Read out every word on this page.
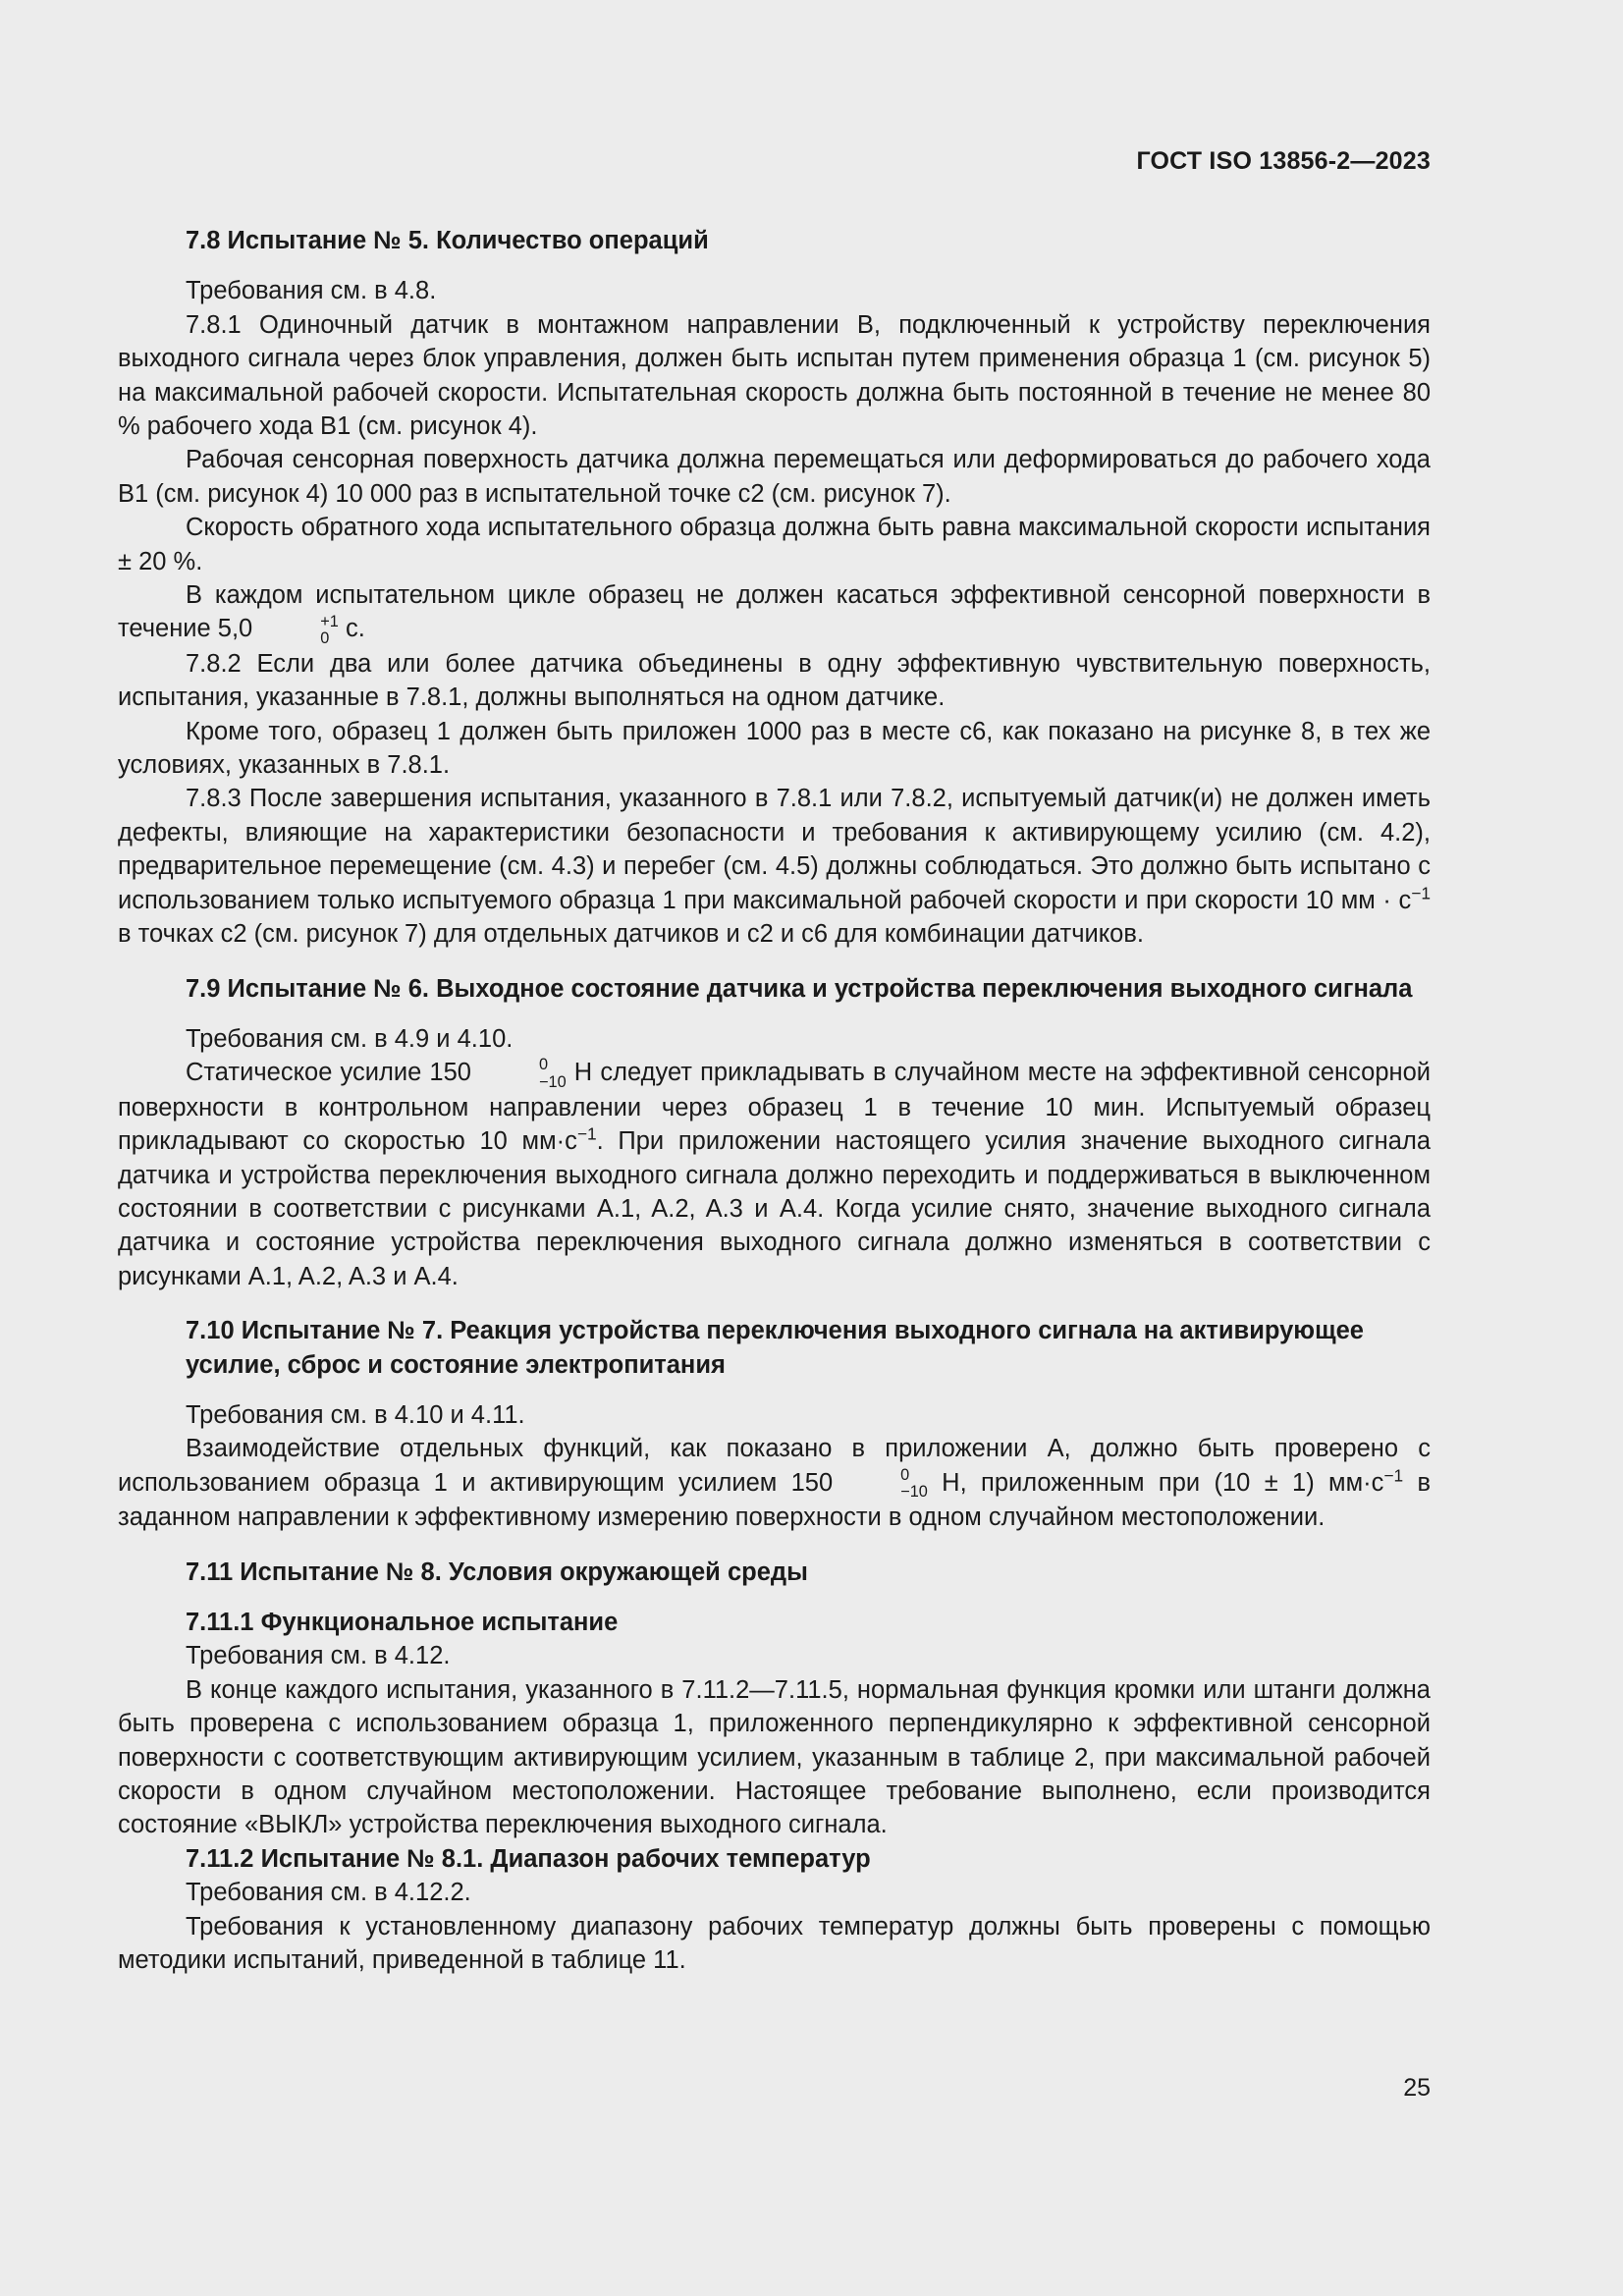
ГОСТ ISO 13856-2—2023
7.8 Испытание № 5. Количество операций

Требования см. в 4.8.

7.8.1 Одиночный датчик в монтажном направлении B, подключенный к устройству переключения выходного сигнала через блок управления, должен быть испытан путем применения образца 1 (см. рисунок 5) на максимальной рабочей скорости. Испытательная скорость должна быть постоянной в течение не менее 80 % рабочего хода B1 (см. рисунок 4).

Рабочая сенсорная поверхность датчика должна перемещаться или деформироваться до рабочего хода B1 (см. рисунок 4) 10 000 раз в испытательной точке c2 (см. рисунок 7).

Скорость обратного хода испытательного образца должна быть равна максимальной скорости испытания ± 20 %.

В каждом испытательном цикле образец не должен касаться эффективной сенсорной поверхности в течение 5,0	+1
0 с.

7.8.2 Если два или более датчика объединены в одну эффективную чувствительную поверхность, испытания, указанные в 7.8.1, должны выполняться на одном датчике.

Кроме того, образец 1 должен быть приложен 1000 раз в месте c6, как показано на рисунке 8, в тех же условиях, указанных в 7.8.1.

7.8.3 После завершения испытания, указанного в 7.8.1 или 7.8.2, испытуемый датчик(и) не должен иметь дефекты, влияющие на характеристики безопасности и требования к активирующему усилию (см. 4.2), предварительное перемещение (см. 4.3) и перебег (см. 4.5) должны соблюдаться. Это должно быть испытано с использованием только испытуемого образца 1 при максимальной рабочей скорости и при скорости 10 мм · $с^{-1}$ в точках c2 (см. рисунок 7) для отдельных датчиков и c2 и c6 для комбинации датчиков.

7.9 Испытание № 6. Выходное состояние датчика и устройства переключения выходного сигнала

Требования см. в 4.9 и 4.10.

Статическое усилие 150	0
−10 Н следует прикладывать в случайном месте на эффективной сенсорной поверхности в контрольном направлении через образец 1 в течение 10 мин. Испытуемый образец прикладывают со скоростью 10 $мм\cdot с^{-1}$. При приложении настоящего усилия значение выходного сигнала датчика и устройства переключения выходного сигнала должно переходить и поддерживаться в выключенном состоянии в соответствии с рисунками A.1, A.2, A.3 и A.4. Когда усилие снято, значение выходного сигнала датчика и состояние устройства переключения выходного сигнала должно изменяться в соответствии с рисунками A.1, A.2, A.3 и A.4.

7.10 Испытание № 7. Реакция устройства переключения выходного сигнала на активирующее усилие, сброс и состояние электропитания

Требования см. в 4.10 и 4.11.

Взаимодействие отдельных функций, как показано в приложении A, должно быть проверено с использованием образца 1 и активирующим усилием 150	0
−10 Н, приложенным при (10 ± 1) $мм\cdot с^{-1}$ в заданном направлении к эффективному измерению поверхности в одном случайном местоположении.

7.11 Испытание № 8. Условия окружающей среды
7.11.1 Функциональное испытание

Требования см. в 4.12.

В конце каждого испытания, указанного в 7.11.2—7.11.5, нормальная функция кромки или штанги должна быть проверена с использованием образца 1, приложенного перпендикулярно к эффективной сенсорной поверхности с соответствующим активирующим усилием, указанным в таблице 2, при максимальной рабочей скорости в одном случайном местоположении. Настоящее требование выполнено, если производится состояние «ВЫКЛ» устройства переключения выходного сигнала.

7.11.2 Испытание № 8.1. Диапазон рабочих температур

Требования см. в 4.12.2.

Требования к установленному диапазону рабочих температур должны быть проверены с помощью методики испытаний, приведенной в таблице 11.

25
